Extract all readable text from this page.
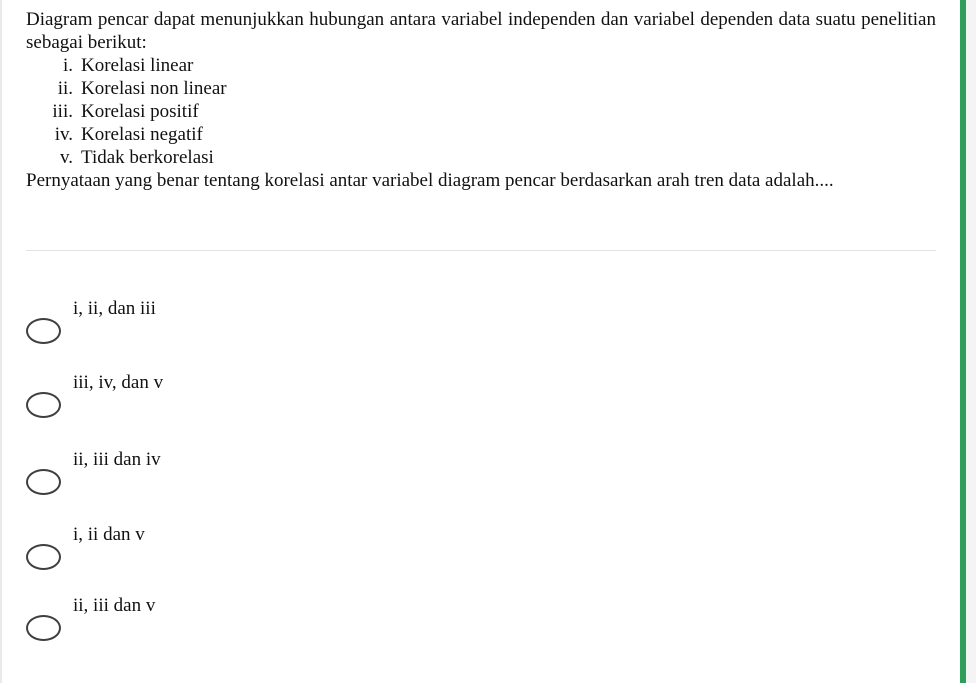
Diagram pencar dapat menunjukkan hubungan antara variabel independen dan variabel dependen data suatu penelitian sebagai berikut:

i. Korelasi linear
ii. Korelasi non linear
iii. Korelasi positif
iv. Korelasi negatif
v. Tidak berkorelasi

Pernyataan yang benar tentang korelasi antar variabel diagram pencar berdasarkan arah tren data adalah....

i, ii, dan iii
iii, iv, dan v
ii, iii dan iv
i, ii dan v
ii, iii dan v
